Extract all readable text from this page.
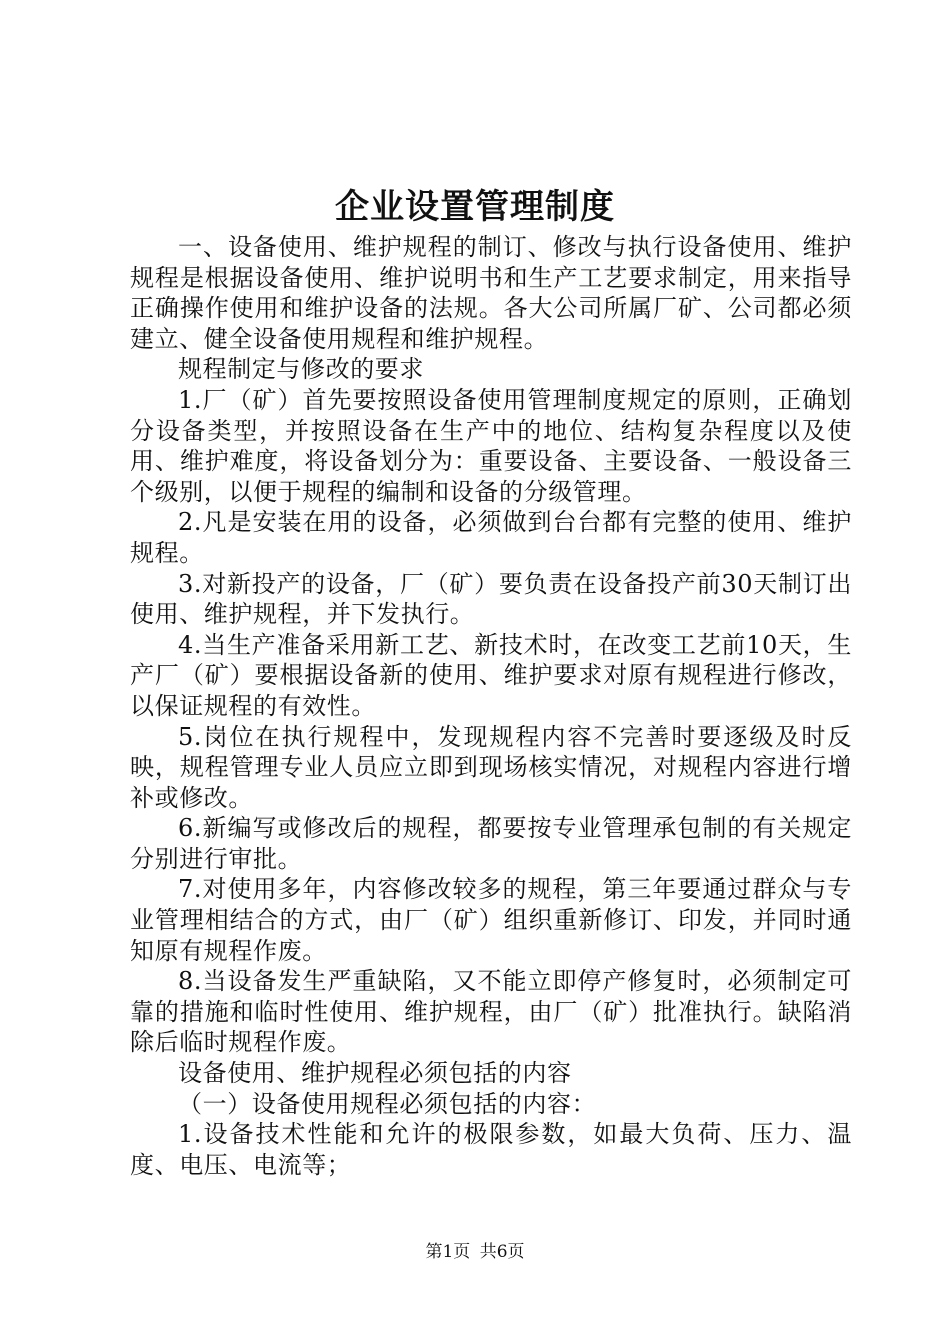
企业设置管理制度

一、设备使用、维护规程的制订、修改与执行设备使用、维护规程是根据设备使用、维护说明书和生产工艺要求制定，用来指导正确操作使用和维护设备的法规。各大公司所属厂矿、公司都必须建立、健全设备使用规程和维护规程。

规程制定与修改的要求

1.厂（矿）首先要按照设备使用管理制度规定的原则，正确划分设备类型，并按照设备在生产中的地位、结构复杂程度以及使用、维护难度，将设备划分为：重要设备、主要设备、一般设备三个级别，以便于规程的编制和设备的分级管理。

2.凡是安装在用的设备，必须做到台台都有完整的使用、维护规程。

3.对新投产的设备，厂（矿）要负责在设备投产前30天制订出使用、维护规程，并下发执行。

4.当生产准备采用新工艺、新技术时，在改变工艺前10天，生产厂（矿）要根据设备新的使用、维护要求对原有规程进行修改，以保证规程的有效性。

5.岗位在执行规程中，发现规程内容不完善时要逐级及时反映，规程管理专业人员应立即到现场核实情况，对规程内容进行增补或修改。

6.新编写或修改后的规程，都要按专业管理承包制的有关规定分别进行审批。

7.对使用多年，内容修改较多的规程，第三年要通过群众与专业管理相结合的方式，由厂（矿）组织重新修订、印发，并同时通知原有规程作废。

8.当设备发生严重缺陷，又不能立即停产修复时，必须制定可靠的措施和临时性使用、维护规程，由厂（矿）批准执行。缺陷消除后临时规程作废。

设备使用、维护规程必须包括的内容

（一）设备使用规程必须包括的内容：

1.设备技术性能和允许的极限参数，如最大负荷、压力、温度、电压、电流等；

第1页 共6页
